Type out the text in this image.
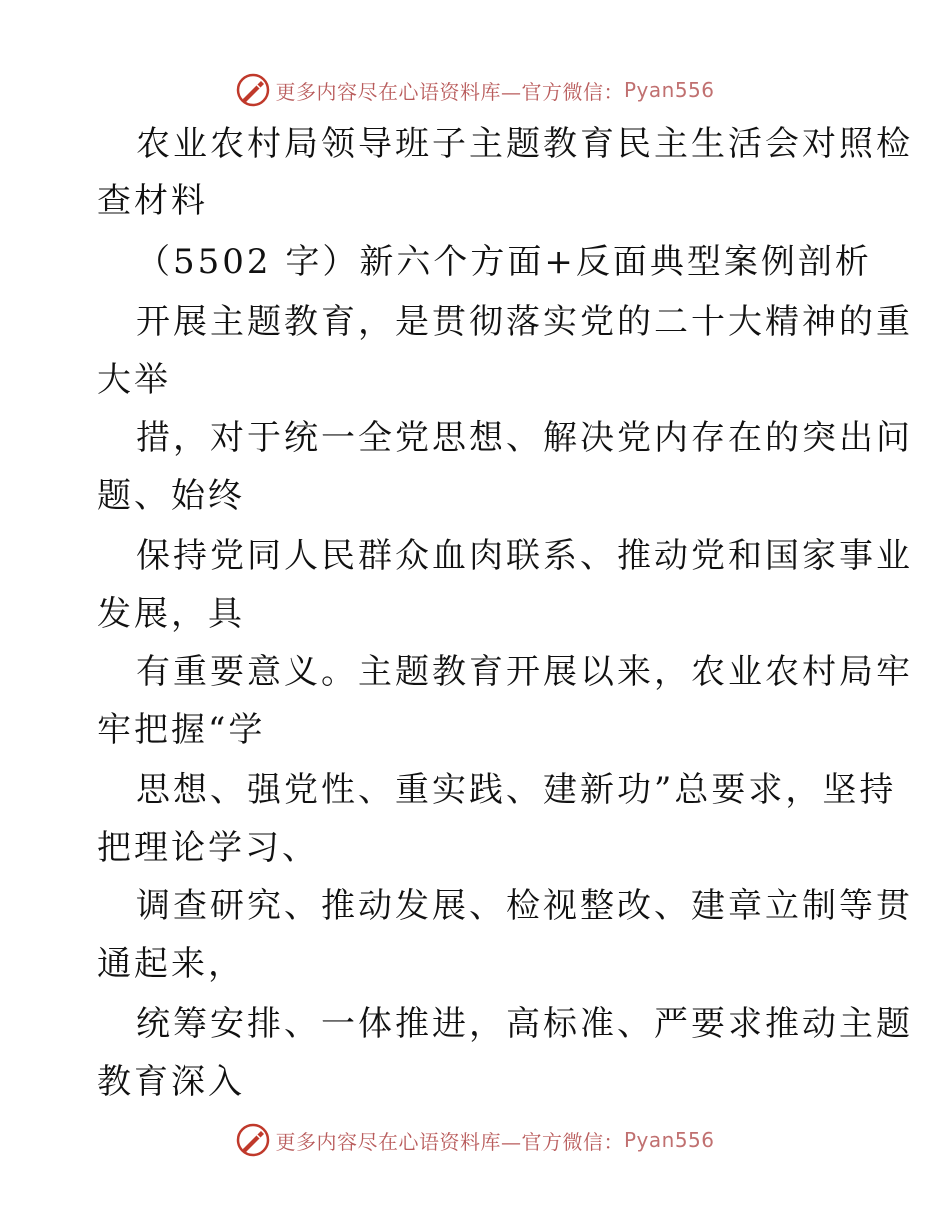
更多内容尽在心语资料库—官方微信： Pyan556
农业农村局领导班子主题教育民主生活会对照检
查材料
（5502 字）新六个方面+反面典型案例剖析
开展主题教育，是贯彻落实党的二十大精神的重
大举
措，对于统一全党思想、解决党内存在的突出问
题、始终
保持党同人民群众血肉联系、推动党和国家事业
发展，具
有重要意义。主题教育开展以来，农业农村局牢
牢把握“学
思想、强党性、重实践、建新功”总要求，坚持
把理论学习、
调查研究、推动发展、检视整改、建章立制等贯
通起来，
统筹安排、一体推进，高标准、严要求推动主题
教育深入
更多内容尽在心语资料库—官方微信： Pyan556
